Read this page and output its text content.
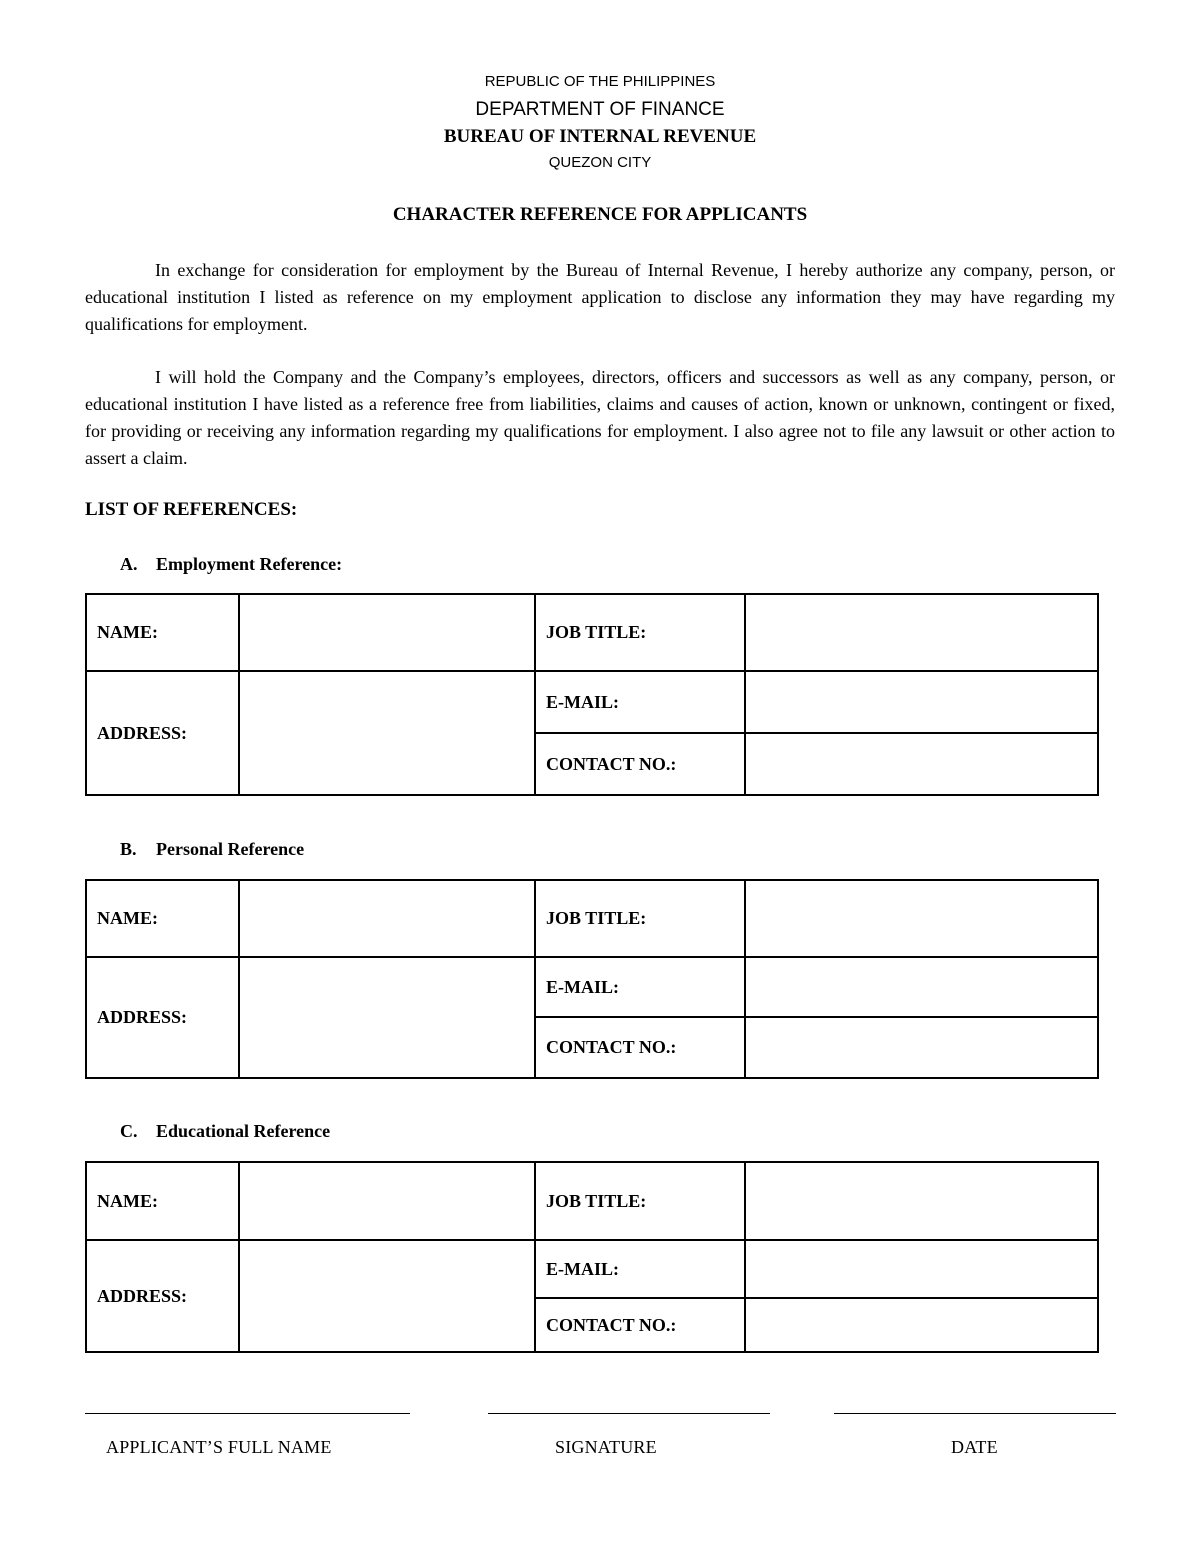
REPUBLIC OF THE PHILIPPINES
DEPARTMENT OF FINANCE
BUREAU OF INTERNAL REVENUE
QUEZON CITY
CHARACTER REFERENCE FOR APPLICANTS

In exchange for consideration for employment by the Bureau of Internal Revenue, I hereby authorize any company, person, or educational institution I listed as reference on my employment application to disclose any information they may have regarding my qualifications for employment.

I will hold the Company and the Company’s employees, directors, officers and successors as well as any company, person, or educational institution I have listed as a reference free from liabilities, claims and causes of action, known or unknown, contingent or fixed, for providing or receiving any information regarding my qualifications for employment. I also agree not to file any lawsuit or other action to assert a claim.

LIST OF REFERENCES:

A. Employment Reference:

NAME:		JOB TITLE:	
ADDRESS:		E-MAIL:	
		CONTACT NO.:	

B. Personal Reference

NAME:		JOB TITLE:	
ADDRESS:		E-MAIL:	
		CONTACT NO.:	

C. Educational Reference

NAME:		JOB TITLE:	
ADDRESS:		E-MAIL:	
		CONTACT NO.:	
APPLICANT’S FULL NAME	SIGNATURE	DATE
